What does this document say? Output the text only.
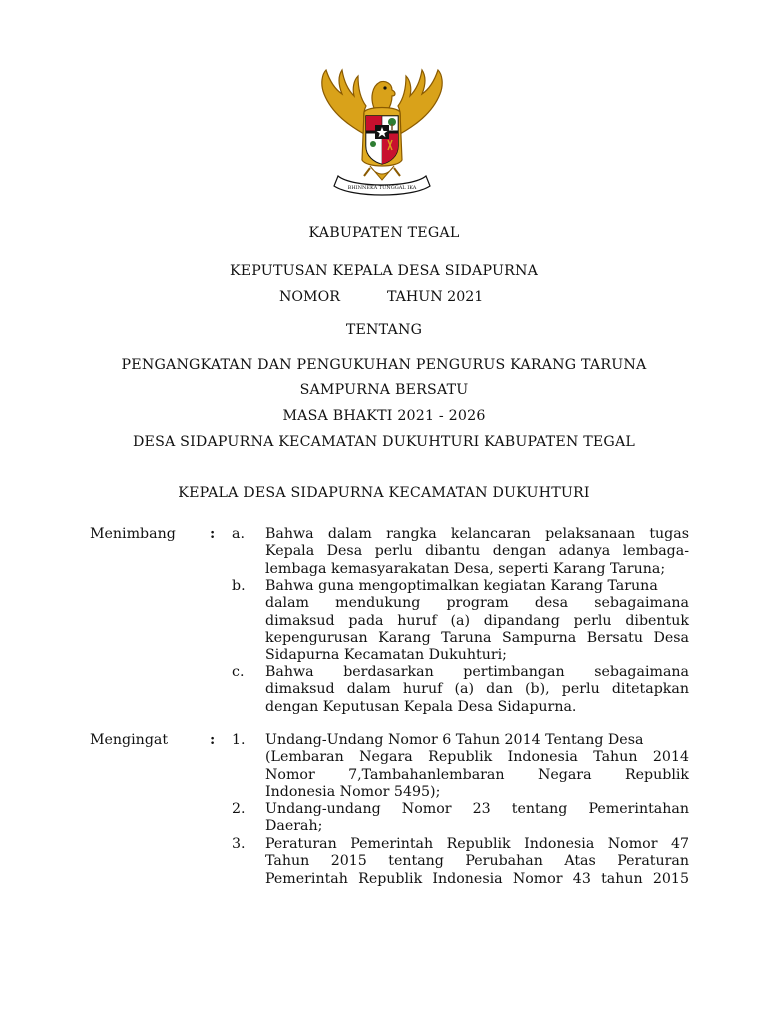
BHINNEKA TUNGGAL IKA
KABUPATEN TEGAL
KEPUTUSAN KEPALA DESA SIDAPURNA
NOMOR	TAHUN 2021
TENTANG
PENGANGKATAN DAN PENGUKUHAN PENGURUS KARANG TARUNA
SAMPURNA BERSATU
MASA BHAKTI 2021 - 2026
DESA SIDAPURNA KECAMATAN DUKUHTURI KABUPATEN TEGAL
KEPALA DESA SIDAPURNA KECAMATAN DUKUHTURI
Menimbang : a. Bahwa dalam rangka kelancaran pelaksanaan tugas
Kepala Desa perlu dibantu dengan adanya lembaga-
lembaga kemasyarakatan Desa, seperti Karang Taruna;
b. Bahwa guna mengoptimalkan kegiatan Karang Taruna
dalam mendukung program desa sebagaimana
dimaksud pada huruf (a) dipandang perlu dibentuk
kepengurusan Karang Taruna Sampurna Bersatu Desa
Sidapurna Kecamatan Dukuhturi;
c. Bahwa berdasarkan pertimbangan sebagaimana
dimaksud dalam huruf (a) dan (b), perlu ditetapkan
dengan Keputusan Kepala Desa Sidapurna.
Mengingat	: 1. Undang-Undang Nomor 6 Tahun 2014 Tentang Desa
(Lembaran Negara Republik Indonesia Tahun 2014
Nomor 7,Tambahanlembaran Negara Republik
Indonesia Nomor 5495);
2. Undang-undang Nomor 23 tentang Pemerintahan
Daerah;
3. Peraturan Pemerintah Republik Indonesia Nomor 47
Tahun 2015 tentang Perubahan Atas Peraturan
Pemerintah Republik Indonesia Nomor 43 tahun 2015
